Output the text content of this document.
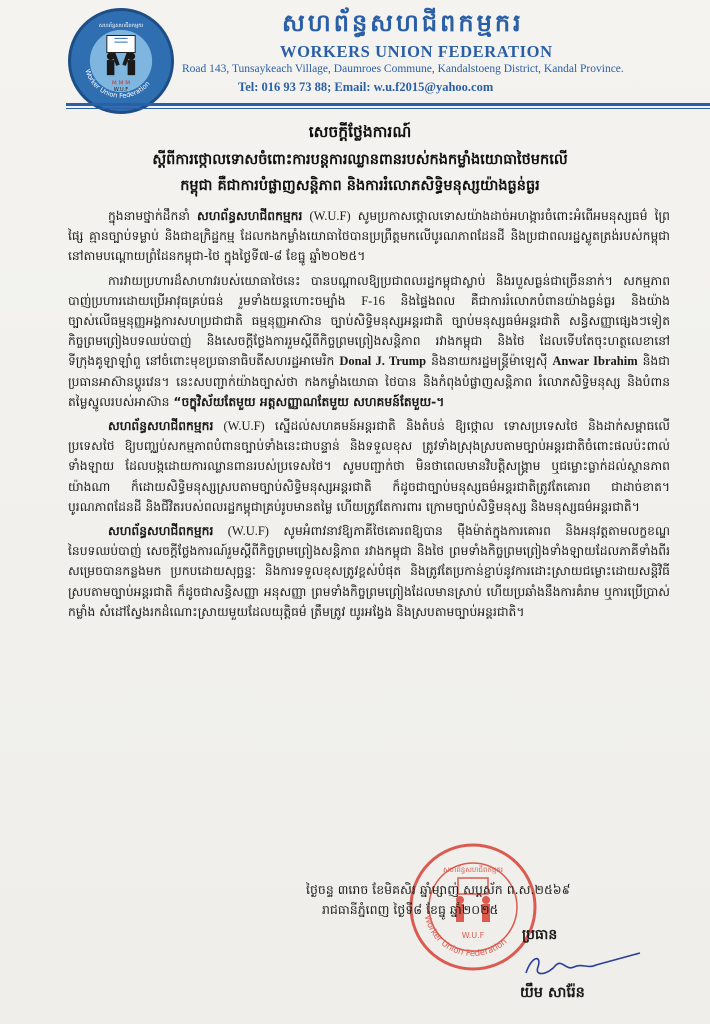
M M M
W.U.F
សហព័ន្ធសហជីពកម្មករ
Worker Union Federation
សហព័ន្ធសហជីពកម្មករ
WORKERS UNION FEDERATION
Road 143, Tunsaykeach Village, Daumroes Commune, Kandalstoeng District, Kandal Province.
Tel: 016 93 73 88; Email: w.u.f2015@yahoo.com
សេចក្ដីថ្លែងការណ៍
ស្ដីពីការថ្កោលទោសចំពោះការបន្តការឈ្លានពានរបស់កងកម្លាំងយោធាថៃមកលើ
កម្ពុជា គឺជាការបំផ្លាញសន្តិភាព និងការរំលោភសិទ្ធិមនុស្សយ៉ាងធ្ងន់ធ្ងរ

ក្នុងនាមថ្នាក់ដឹកនាំ សហព័ន្ធសហជីពកម្មករ (W.U.F) សូមប្រកាសថ្កោលទោសយ៉ាងដាច់អហង្ការចំពោះអំពើអមនុស្សធម៌ ព្រៃផ្សៃ គ្មានច្បាប់ទម្លាប់ និងជាឧក្រិដ្ឋកម្ម ដែលកងកម្លាំងយោធាថៃបានប្រព្រឹត្តមកលើបូរណភាពដែនដី និងប្រជាពលរដ្ឋស្លូតត្រង់របស់កម្ពុជានៅតាមបណ្ដោយព្រំដែនកម្ពុជា-ថៃ ក្នុងថ្ងៃទី៧-៨ ខែធ្នូ ឆ្នាំ២០២៥។

ការវាយប្រហារដ៏សាហាវរបស់យោធាថៃនេះ បានបណ្ដាលឱ្យប្រជាពលរដ្ឋកម្ពុជាស្លាប់ និងរបួសធ្ងន់ជាច្រើននាក់។ សកម្មភាពបាញ់ប្រហារដោយប្រើអាវុធគ្រប់ធន់ រួមទាំងយន្តហោះចម្បាំង F-16 និងផ្ទៃងពល គឺជាការរំលោភបំពានយ៉ាងធ្ងន់ធ្ងរ និងយ៉ាងច្បាស់លើធម្មនុញ្ញអង្គការសហប្រជាជាតិ ធម្មនុញ្ញអាស៊ាន ច្បាប់សិទ្ធិមនុស្សអន្តរជាតិ ច្បាប់មនុស្សធម៌អន្តរជាតិ សន្ធិសញ្ញាផ្សេងៗទៀត កិច្ចព្រមព្រៀងបទឈប់បាញ់ និងសេចក្ដីថ្លែងការរួមស្ដីពីកិច្ចព្រមព្រៀងសន្តិភាព រវាងកម្ពុជា និងថៃ ដែលទើបតែចុះហត្ថលេខានៅទីក្រុងគូឡាឡាំពួ នៅចំពោះមុខប្រធានាធិបតីសហរដ្ឋអាមេរិក Donal J. Trump និងនាយករដ្ឋមន្ត្រីម៉ាឡេស៊ី Anwar Ibrahim និងជាប្រធានអាស៊ានប្ដូរវេន។ នេះសបញ្ជាក់យ៉ាងច្បាស់ថា កងកម្លាំងយោធា ថៃបាន និងកំពុងបំផ្លាញសន្តិភាព រំលោភសិទ្ធិមនុស្ស និងបំពានតម្លៃស្នូលរបស់អាស៊ាន “ចក្ខុវិស័យតែមួយ អត្តសញ្ញាណតែមួយ សហគមន៍តែមួយ-។

សហព័ន្ធសហជីពកម្មករ (W.U.F) ស្នើដល់សហគមន៍អន្តរជាតិ និងតំបន់ ឱ្យថ្កោល ទោសប្រទេសថៃ និងដាក់សម្ពាធលើប្រទេសថៃ ឱ្យបញ្ឈប់សកម្មភាពបំពានច្បាប់ទាំងនេះជាបន្ទាន់ និងទទួលខុស ត្រូវទាំងស្រុងស្របតាមច្បាប់អន្តរជាតិចំពោះផលប៉ះពាល់ទាំងឡាយ ដែលបង្កដោយការឈ្លានពានរបស់ប្រទេសថៃ។ សូមបញ្ជាក់ថា មិនថាពេលមានវិបត្តិសង្គ្រាម ឬជម្លោះធ្លាក់ដល់ស្ថានភាពយ៉ាងណា ក៏ដោយសិទ្ធិមនុស្សស្របតាមច្បាប់សិទ្ធិមនុស្សអន្តរជាតិ ក៏ដូចជាច្បាប់មនុស្សធម៌អន្តរជាតិត្រូវតែគោរព ជាដាច់ខាត។ បូរណភាពដែនដី និងជីវិតរបស់ពលរដ្ឋកម្ពុជាគ្រប់រូបមានតម្លៃ ហើយត្រូវតែការពារ ក្រោមច្បាប់សិទ្ធិមនុស្ស និងមនុស្សធម៌អន្តរជាតិ។

សហព័ន្ធសហជីពកម្មករ (W.U.F) សូមអំពាវនាវឱ្យភាគីថៃគោរពឱ្យបាន ម៉ឺងម៉ាត់ក្នុងការគោរព និងអនុវត្តតាមលក្ខខណ្ឌនៃបទឈប់បាញ់ សេចក្ដីថ្លែងការណ៍រួមស្ដីពីកិច្ចព្រមព្រៀងសន្តិភាព រវាងកម្ពុជា និងថៃ ព្រមទាំងកិច្ចព្រមព្រៀងទាំងឡាយដែលភាគីទាំងពីរសម្រេចបានកន្លងមក ប្រកបដោយសុច្ឆន្ទៈ និងការទទួលខុសត្រូវខ្ពស់បំផុត និងត្រូវតែប្រកាន់ខ្ជាប់នូវការដោះស្រាយជម្លោះដោយសន្តិវិធី ស្របតាមច្បាប់អន្តរជាតិ ក៏ដូចជាសន្ធិសញ្ញា អនុសញ្ញា ព្រមទាំងកិច្ចព្រមព្រៀងដែលមានស្រាប់ ហើយប្រឆាំងនឹងការគំរាម ឬការប្រើប្រាស់កម្លាំង សំដៅស្វែងរកដំណោះស្រាយមួយដែលយុត្តិធម៌ ត្រឹមត្រូវ យូរអង្វែង និងស្របតាមច្បាប់អន្តរជាតិ។

W.U.F
សហព័ន្ធសហជីពកម្មករ
Worker Union Federation
ថ្ងៃចន្ទ ៣រោច ខែមិគសិរ ឆ្នាំម្សាញ់ សប្តស័ក ព.ស.២៥៦៩
រាជធានីភ្នំពេញ ថ្ងៃទី៨ ខែធ្នូ ឆ្នាំ២០២៥
ប្រធាន
យឹម សារ៉ែន
